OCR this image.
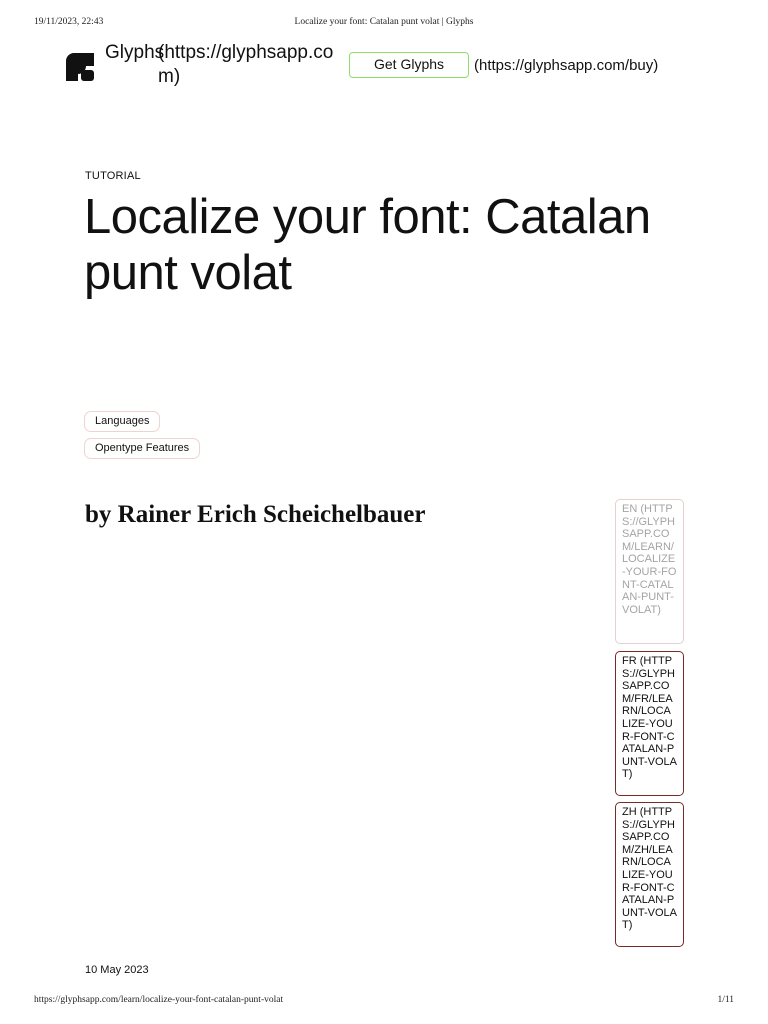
19/11/2023, 22:43	Localize your font: Catalan punt volat | Glyphs
Glyphs
(https://glyphsapp.com)
Get Glyphs	(https://glyphsapp.com/buy)
TUTORIAL
Localize your font: Catalan punt volat
Languages
Opentype Features
by Rainer Erich Scheichelbauer	EN (HTTPS://GLYPHSAPP.COM/LEARN/LOCALIZE-YOUR-FONT-CATALAN-PUNT-VOLAT)
FR (HTTPS://GLYPHSAPP.COM/FR/LEARN/LOCALIZE-YOUR-FONT-CATALAN-PUNT-VOLAT)
ZH (HTTPS://GLYPHSAPP.COM/ZH/LEARN/LOCALIZE-YOUR-FONT-CATALAN-PUNT-VOLAT)
10 May 2023
https://glyphsapp.com/learn/localize-your-font-catalan-punt-volat	1/11
